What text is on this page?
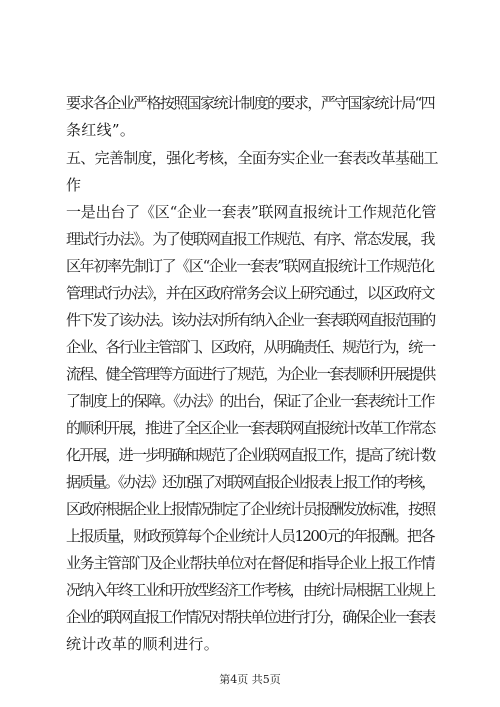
要求各企业严格按照国家统计制度的要求，严守国家统计局“四
条红线”。
五、完善制度，强化考核，全面夯实企业一套表改革基础工
作
一是出台了《区“企业一套表”联网直报统计工作规范化管
理试行办法》。为了使联网直报工作规范、有序、常态发展，我
区年初率先制订了《区“企业一套表”联网直报统计工作规范化
管理试行办法》，并在区政府常务会议上研究通过，以区政府文
件下发了该办法。该办法对所有纳入企业一套表联网直报范围的
企业、各行业主管部门、区政府，从明确责任、规范行为，统一
流程、健全管理等方面进行了规范，为企业一套表顺利开展提供
了制度上的保障。《办法》的出台，保证了企业一套表统计工作
的顺利开展，推进了全区企业一套表联网直报统计改革工作常态
化开展，进一步明确和规范了企业联网直报工作，提高了统计数
据质量。《办法》还加强了对联网直报企业报表上报工作的考核，
区政府根据企业上报情况制定了企业统计员报酬发放标准，按照
上报质量，财政预算每个企业统计人员1200元的年报酬。把各
业务主管部门及企业帮扶单位对在督促和指导企业上报工作情
况纳入年终工业和开放型经济工作考核，由统计局根据工业规上
企业的联网直报工作情况对帮扶单位进行打分，确保企业一套表
统计改革的顺利进行。
第4页 共5页
